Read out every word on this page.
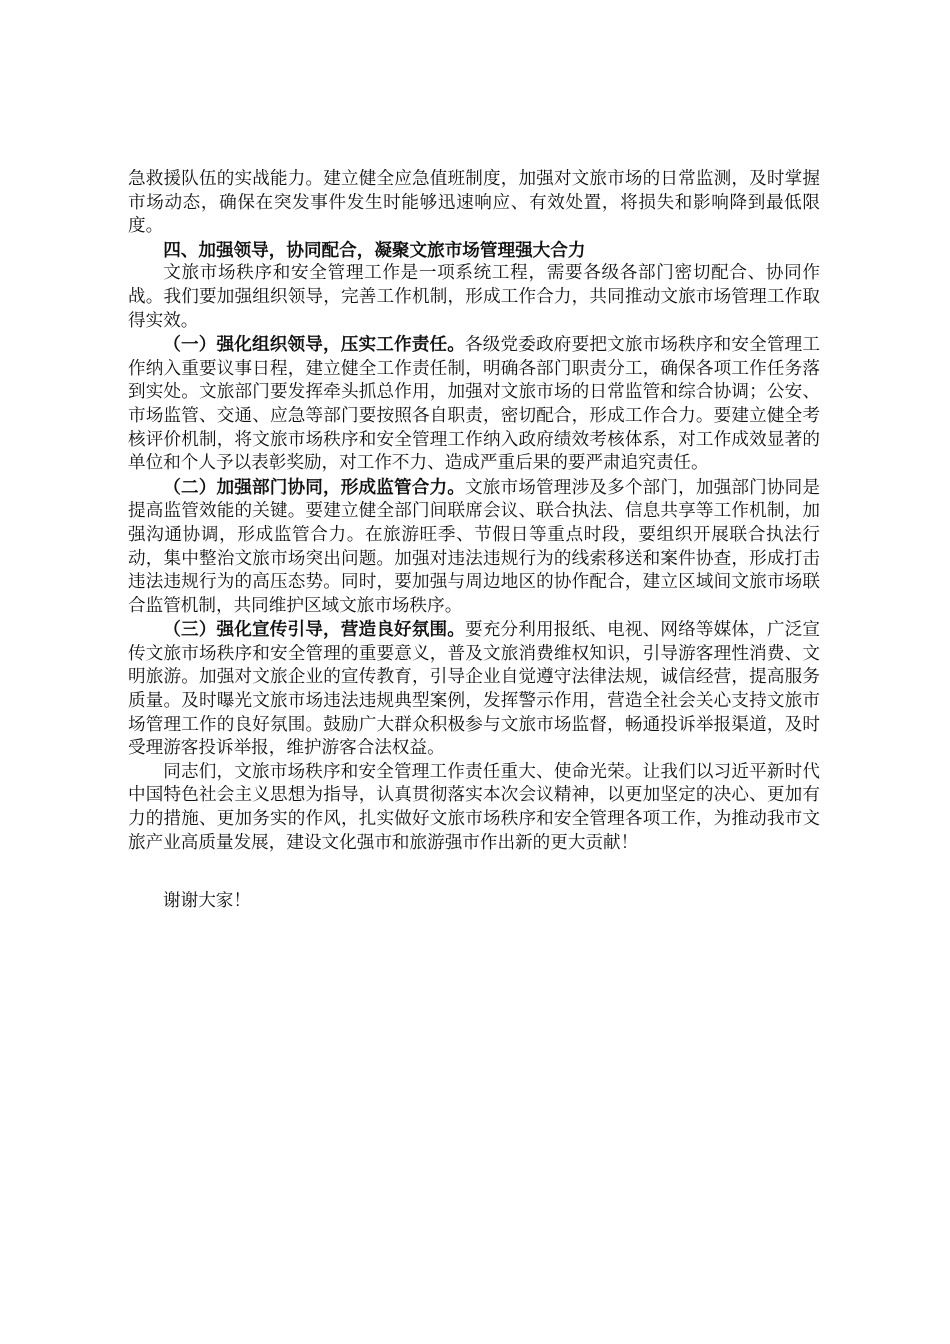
急救援队伍的实战能力。建立健全应急值班制度，加强对文旅市场的日常监测，及时掌握市场动态，确保在突发事件发生时能够迅速响应、有效处置，将损失和影响降到最低限度。

四、加强领导，协同配合，凝聚文旅市场管理强大合力

文旅市场秩序和安全管理工作是一项系统工程，需要各级各部门密切配合、协同作战。我们要加强组织领导，完善工作机制，形成工作合力，共同推动文旅市场管理工作取得实效。

（一）强化组织领导，压实工作责任。各级党委政府要把文旅市场秩序和安全管理工作纳入重要议事日程，建立健全工作责任制，明确各部门职责分工，确保各项工作任务落到实处。文旅部门要发挥牵头抓总作用，加强对文旅市场的日常监管和综合协调；公安、市场监管、交通、应急等部门要按照各自职责，密切配合，形成工作合力。要建立健全考核评价机制，将文旅市场秩序和安全管理工作纳入政府绩效考核体系，对工作成效显著的单位和个人予以表彰奖励，对工作不力、造成严重后果的要严肃追究责任。

（二）加强部门协同，形成监管合力。文旅市场管理涉及多个部门，加强部门协同是提高监管效能的关键。要建立健全部门间联席会议、联合执法、信息共享等工作机制，加强沟通协调，形成监管合力。在旅游旺季、节假日等重点时段，要组织开展联合执法行动，集中整治文旅市场突出问题。加强对违法违规行为的线索移送和案件协查，形成打击违法违规行为的高压态势。同时，要加强与周边地区的协作配合，建立区域间文旅市场联合监管机制，共同维护区域文旅市场秩序。

（三）强化宣传引导，营造良好氛围。要充分利用报纸、电视、网络等媒体，广泛宣传文旅市场秩序和安全管理的重要意义，普及文旅消费维权知识，引导游客理性消费、文明旅游。加强对文旅企业的宣传教育，引导企业自觉遵守法律法规，诚信经营，提高服务质量。及时曝光文旅市场违法违规典型案例，发挥警示作用，营造全社会关心支持文旅市场管理工作的良好氛围。鼓励广大群众积极参与文旅市场监督，畅通投诉举报渠道，及时受理游客投诉举报，维护游客合法权益。

同志们，文旅市场秩序和安全管理工作责任重大、使命光荣。让我们以习近平新时代中国特色社会主义思想为指导，认真贯彻落实本次会议精神，以更加坚定的决心、更加有力的措施、更加务实的作风，扎实做好文旅市场秩序和安全管理各项工作，为推动我市文旅产业高质量发展，建设文化强市和旅游强市作出新的更大贡献！

谢谢大家！
